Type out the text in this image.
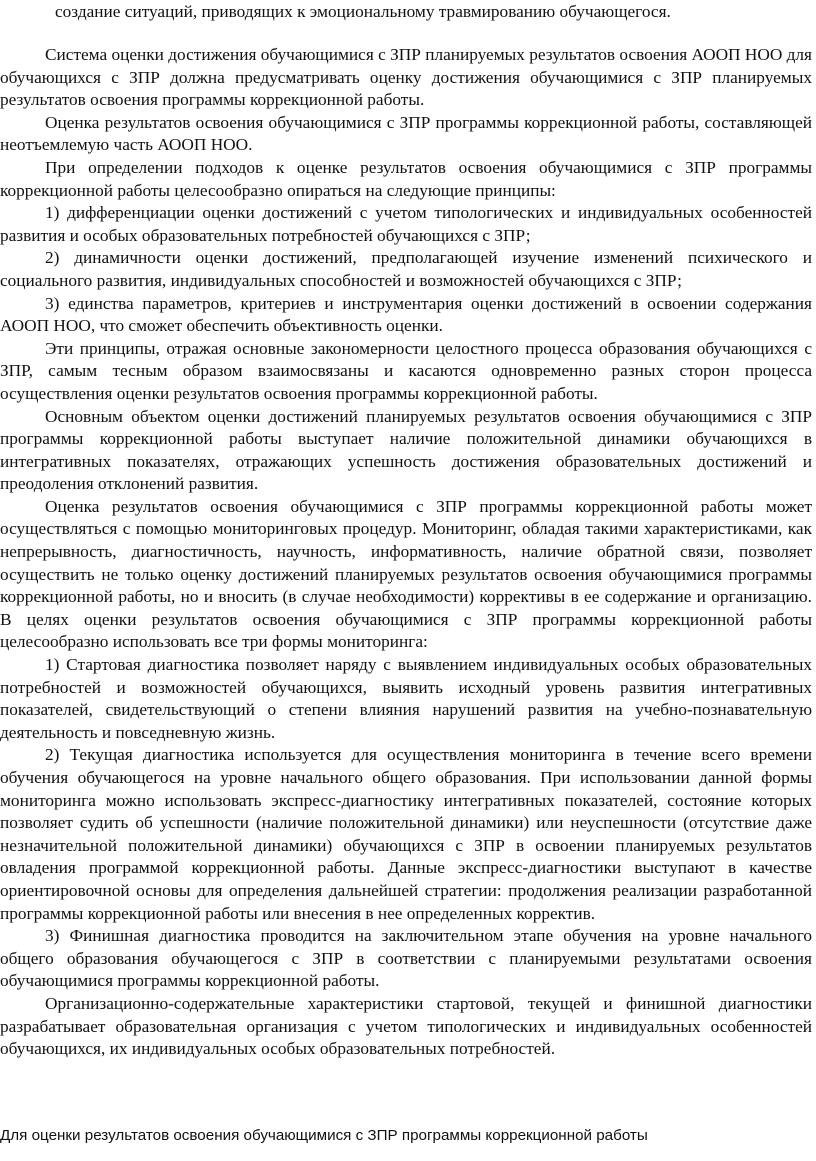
создание ситуаций, приводящих к эмоциональному травмированию обучающегося.

Система оценки достижения обучающимися с ЗПР планируемых результатов освоения АООП НОО для обучающихся с ЗПР должна предусматривать оценку достижения обучающимися с ЗПР планируемых результатов освоения программы коррекционной работы.

Оценка результатов освоения обучающимися с ЗПР программы коррекционной работы, составляющей неотъемлемую часть АООП НОО.

При определении подходов к оценке результатов освоения обучающимися с ЗПР программы коррекционной работы целесообразно опираться на следующие принципы:

1) дифференциации оценки достижений с учетом типологических и индивидуальных особенностей развития и особых образовательных потребностей обучающихся с ЗПР;

2) динамичности оценки достижений, предполагающей изучение изменений психического и социального развития, индивидуальных способностей и возможностей обучающихся с ЗПР;

3) единства параметров, критериев и инструментария оценки достижений в освоении содержания АООП НОО, что сможет обеспечить объективность оценки.

Эти принципы, отражая основные закономерности целостного процесса образования обучающихся с ЗПР, самым тесным образом взаимосвязаны и касаются одновременно разных сторон процесса осуществления оценки результатов освоения программы коррекционной работы.

Основным объектом оценки достижений планируемых результатов освоения обучающимися с ЗПР программы коррекционной работы выступает наличие положительной динамики обучающихся в интегративных показателях, отражающих успешность достижения образовательных достижений и преодоления отклонений развития.

Оценка результатов освоения обучающимися с ЗПР программы коррекционной работы может осуществляться с помощью мониторинговых процедур. Мониторинг, обладая такими характеристиками, как непрерывность, диагностичность, научность, информативность, наличие обратной связи, позволяет осуществить не только оценку достижений планируемых результатов освоения обучающимися программы коррекционной работы, но и вносить (в случае необходимости) коррективы в ее содержание и организацию. В целях оценки результатов освоения обучающимися с ЗПР программы коррекционной работы целесообразно использовать все три формы мониторинга:

1) Стартовая диагностика позволяет наряду с выявлением индивидуальных особых образовательных потребностей и возможностей обучающихся, выявить исходный уровень развития интегративных показателей, свидетельствующий о степени влияния нарушений развития на учебно-познавательную деятельность и повседневную жизнь.

2) Текущая диагностика используется для осуществления мониторинга в течение всего времени обучения обучающегося на уровне начального общего образования. При использовании данной формы мониторинга можно использовать экспресс-диагностику интегративных показателей, состояние которых позволяет судить об успешности (наличие положительной динамики) или неуспешности (отсутствие даже незначительной положительной динамики) обучающихся с ЗПР в освоении планируемых результатов овладения программой коррекционной работы. Данные экспресс-диагностики выступают в качестве ориентировочной основы для определения дальнейшей стратегии: продолжения реализации разработанной программы коррекционной работы или внесения в нее определенных корректив.

3) Финишная диагностика проводится на заключительном этапе обучения на уровне начального общего образования обучающегося с ЗПР в соответствии с планируемыми результатами освоения обучающимися программы коррекционной работы.

Организационно-содержательные характеристики стартовой, текущей и финишной диагностики разрабатывает образовательная организация с учетом типологических и индивидуальных особенностей обучающихся, их индивидуальных особых образовательных потребностей.

Для оценки результатов освоения обучающимися с ЗПР программы коррекционной работы
